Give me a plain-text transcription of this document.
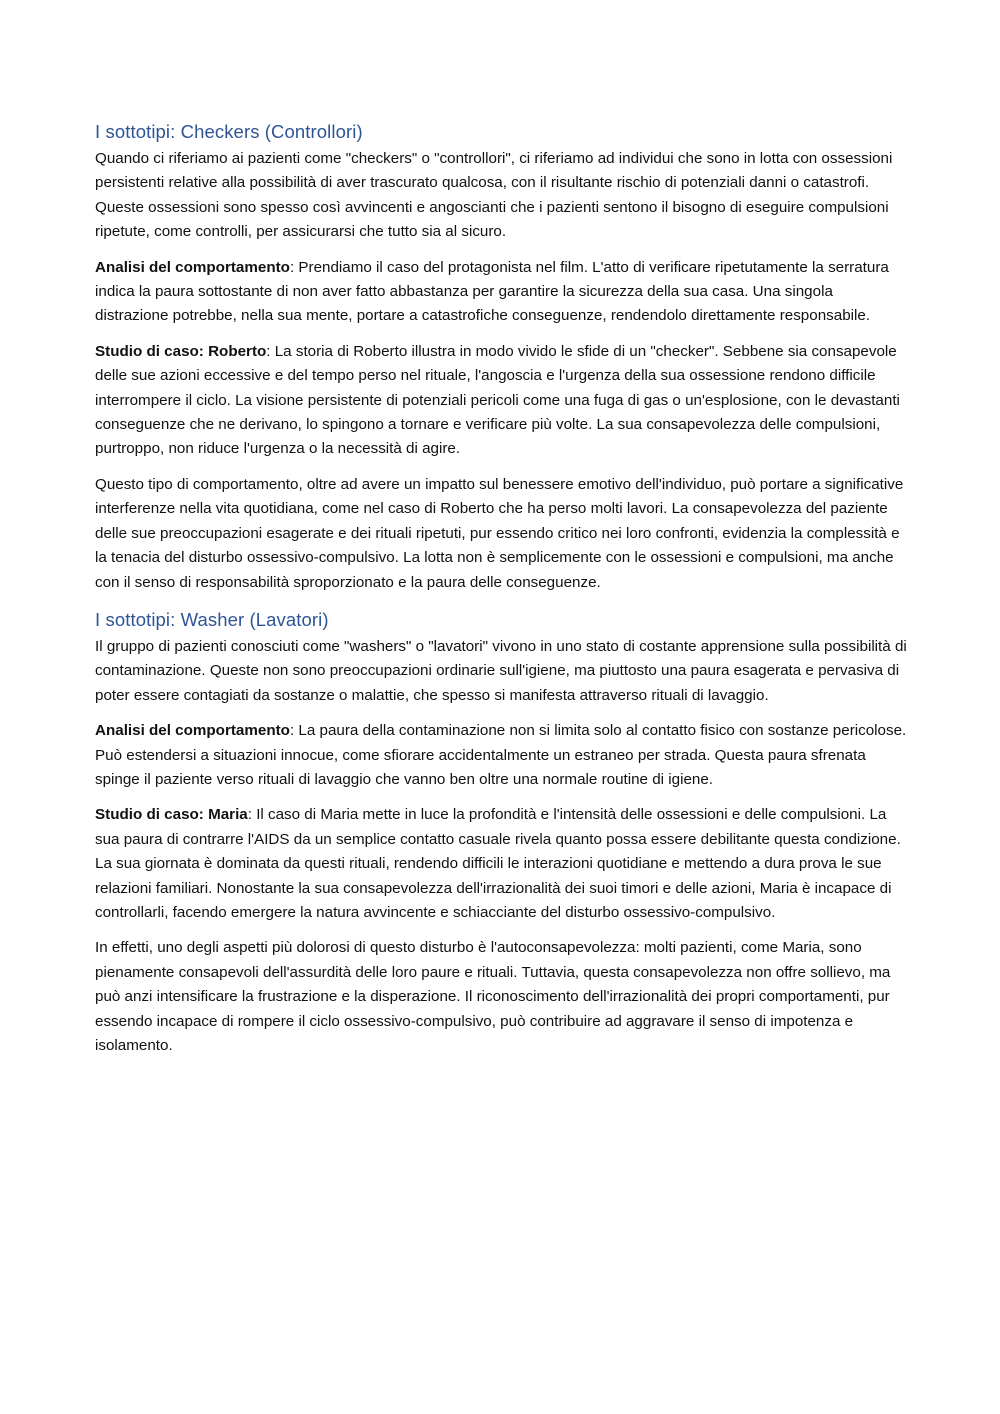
I sottotipi: Checkers (Controllori)

Quando ci riferiamo ai pazienti come "checkers" o "controllori", ci riferiamo ad individui che sono in lotta con ossessioni persistenti relative alla possibilità di aver trascurato qualcosa, con il risultante rischio di potenziali danni o catastrofi. Queste ossessioni sono spesso così avvincenti e angoscianti che i pazienti sentono il bisogno di eseguire compulsioni ripetute, come controlli, per assicurarsi che tutto sia al sicuro.

Analisi del comportamento: Prendiamo il caso del protagonista nel film. L'atto di verificare ripetutamente la serratura indica la paura sottostante di non aver fatto abbastanza per garantire la sicurezza della sua casa. Una singola distrazione potrebbe, nella sua mente, portare a catastrofiche conseguenze, rendendolo direttamente responsabile.

Studio di caso: Roberto: La storia di Roberto illustra in modo vivido le sfide di un "checker". Sebbene sia consapevole delle sue azioni eccessive e del tempo perso nel rituale, l'angoscia e l'urgenza della sua ossessione rendono difficile interrompere il ciclo. La visione persistente di potenziali pericoli come una fuga di gas o un'esplosione, con le devastanti conseguenze che ne derivano, lo spingono a tornare e verificare più volte. La sua consapevolezza delle compulsioni, purtroppo, non riduce l'urgenza o la necessità di agire.

Questo tipo di comportamento, oltre ad avere un impatto sul benessere emotivo dell'individuo, può portare a significative interferenze nella vita quotidiana, come nel caso di Roberto che ha perso molti lavori. La consapevolezza del paziente delle sue preoccupazioni esagerate e dei rituali ripetuti, pur essendo critico nei loro confronti, evidenzia la complessità e la tenacia del disturbo ossessivo-compulsivo. La lotta non è semplicemente con le ossessioni e compulsioni, ma anche con il senso di responsabilità sproporzionato e la paura delle conseguenze.

I sottotipi: Washer (Lavatori)

Il gruppo di pazienti conosciuti come "washers" o "lavatori" vivono in uno stato di costante apprensione sulla possibilità di contaminazione. Queste non sono preoccupazioni ordinarie sull'igiene, ma piuttosto una paura esagerata e pervasiva di poter essere contagiati da sostanze o malattie, che spesso si manifesta attraverso rituali di lavaggio.

Analisi del comportamento: La paura della contaminazione non si limita solo al contatto fisico con sostanze pericolose. Può estendersi a situazioni innocue, come sfiorare accidentalmente un estraneo per strada. Questa paura sfrenata spinge il paziente verso rituali di lavaggio che vanno ben oltre una normale routine di igiene.

Studio di caso: Maria: Il caso di Maria mette in luce la profondità e l'intensità delle ossessioni e delle compulsioni. La sua paura di contrarre l'AIDS da un semplice contatto casuale rivela quanto possa essere debilitante questa condizione. La sua giornata è dominata da questi rituali, rendendo difficili le interazioni quotidiane e mettendo a dura prova le sue relazioni familiari. Nonostante la sua consapevolezza dell'irrazionalità dei suoi timori e delle azioni, Maria è incapace di controllarli, facendo emergere la natura avvincente e schiacciante del disturbo ossessivo-compulsivo.

In effetti, uno degli aspetti più dolorosi di questo disturbo è l'autoconsapevolezza: molti pazienti, come Maria, sono pienamente consapevoli dell'assurdità delle loro paure e rituali. Tuttavia, questa consapevolezza non offre sollievo, ma può anzi intensificare la frustrazione e la disperazione. Il riconoscimento dell'irrazionalità dei propri comportamenti, pur essendo incapace di rompere il ciclo ossessivo-compulsivo, può contribuire ad aggravare il senso di impotenza e isolamento.
